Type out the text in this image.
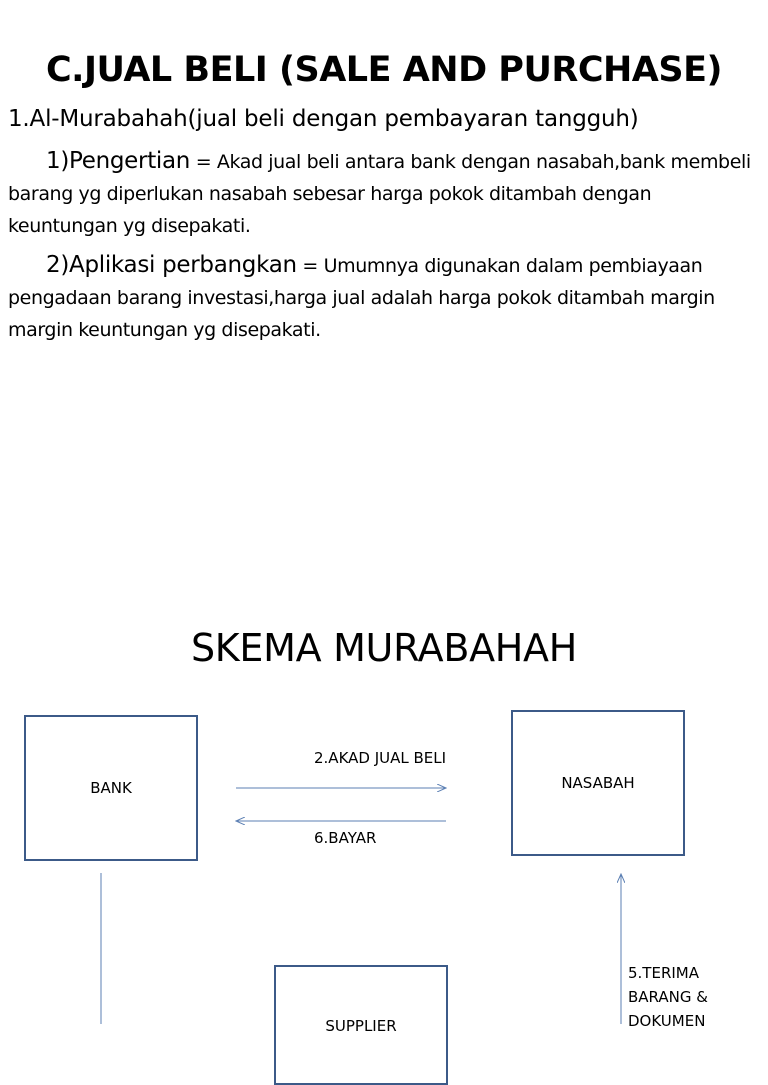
C.JUAL BELI (SALE AND PURCHASE)

1.Al-Murabahah(jual beli dengan pembayaran tangguh)

1)Pengertian = Akad jual beli antara bank dengan nasabah,bank membeli barang yg diperlukan nasabah sebesar harga pokok ditambah dengan keuntungan yg disepakati.

2)Aplikasi perbangkan = Umumnya digunakan dalam pembiayaan pengadaan barang investasi,harga jual adalah harga pokok ditambah margin margin keuntungan yg disepakati.

SKEMA MURABAHAH
BANK	NASABAH
SUPPLIER
2.AKAD JUAL BELI
6.BAYAR
5.TERIMA BARANG & DOKUMEN
